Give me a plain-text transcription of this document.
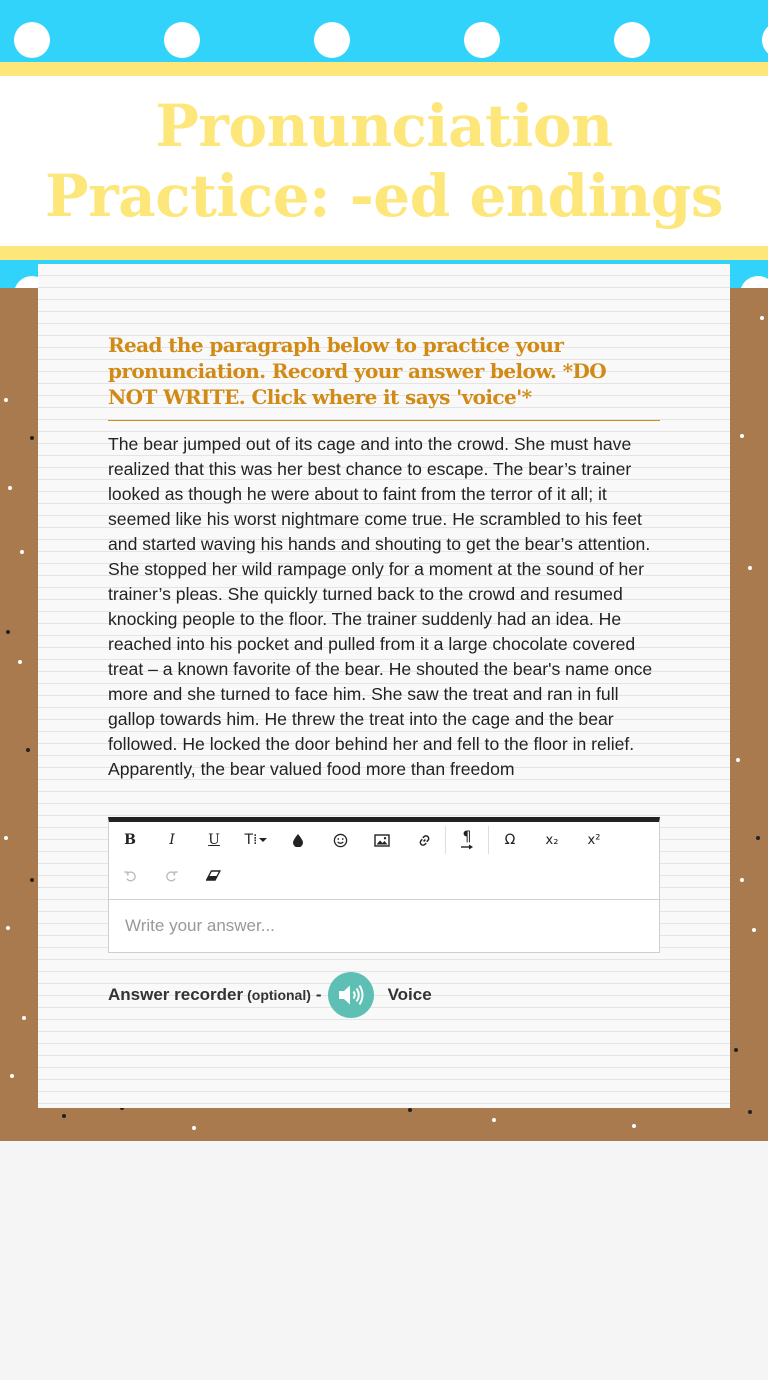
Pronunciation Practice: -ed endings
Read the paragraph below to practice your pronunciation. Record your answer below. *DO NOT WRITE. Click where it says 'voice'*

The bear jumped out of its cage and into the crowd. She must have realized that this was her best chance to escape. The bear’s trainer looked as though he were about to faint from the terror of it all; it seemed like his worst nightmare come true. He scrambled to his feet and started waving his hands and shouting to get the bear’s attention. She stopped her wild rampage only for a moment at the sound of her trainer’s pleas. She quickly turned back to the crowd and resumed knocking people to the floor. The trainer suddenly had an idea. He reached into his pocket and pulled from it a large chocolate covered treat – a known favorite of the bear. He shouted the bear's name once more and she turned to face him. She saw the treat and ran in full gallop towards him. He threw the treat into the cage and the bear followed. He locked the door behind her and fell to the floor in relief. Apparently, the bear valued food more than freedom

B	I	U	T⁞	¶	Ω	x₂	x²
Write your answer...
Answer recorder (optional) -	Voice
